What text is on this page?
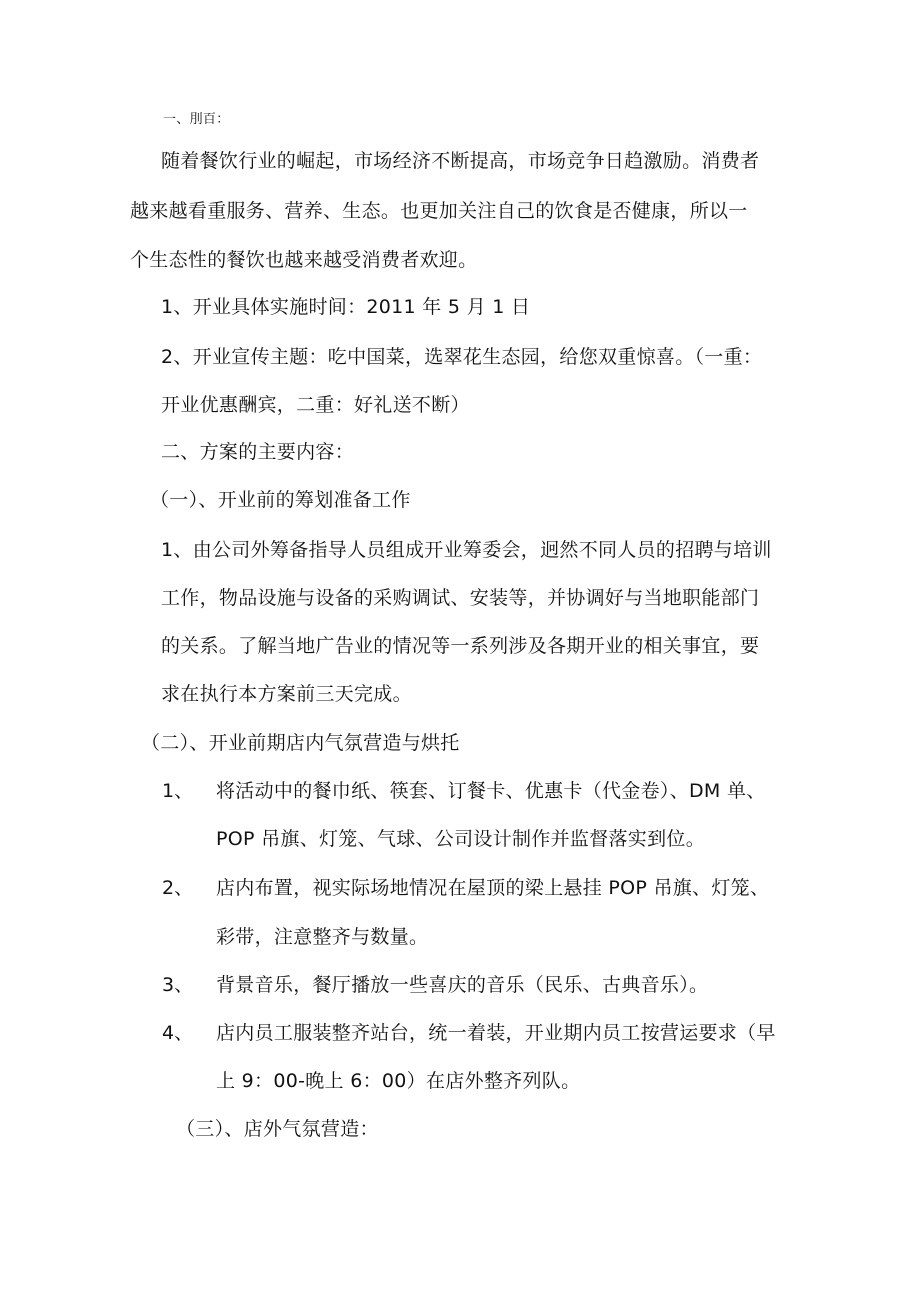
一、刖百：
随着餐饮行业的崛起，市场经济不断提高，市场竞争日趋激励。消费者
越来越看重服务、营养、生态。也更加关注自己的饮食是否健康，所以一
个生态性的餐饮也越来越受消费者欢迎。
1、开业具体实施时间：2011 年 5 月 1 日
2、开业宣传主题：吃中国菜，选翠花生态园，给您双重惊喜。（一重：
开业优惠酬宾，二重：好礼送不断）
二、方案的主要内容：
（一）、开业前的筹划准备工作
1、由公司外筹备指导人员组成开业筹委会，迥然不同人员的招聘与培训
工作，物品设施与设备的采购调试、安装等，并协调好与当地职能部门
的关系。了解当地广告业的情况等一系列涉及各期开业的相关事宜，要
求在执行本方案前三天完成。
（二）、开业前期店内气氛营造与烘托
1、 将活动中的餐巾纸、筷套、订餐卡、优惠卡（代金卷）、DM 单、
POP 吊旗、灯笼、气球、公司设计制作并监督落实到位。
2、 店内布置，视实际场地情况在屋顶的梁上悬挂 POP 吊旗、灯笼、
彩带，注意整齐与数量。
3、 背景音乐，餐厅播放一些喜庆的音乐（民乐、古典音乐）。
4、 店内员工服装整齐站台，统一着装，开业期内员工按营运要求（早
上 9：00-晚上 6：00）在店外整齐列队。
（三）、店外气氛营造：
